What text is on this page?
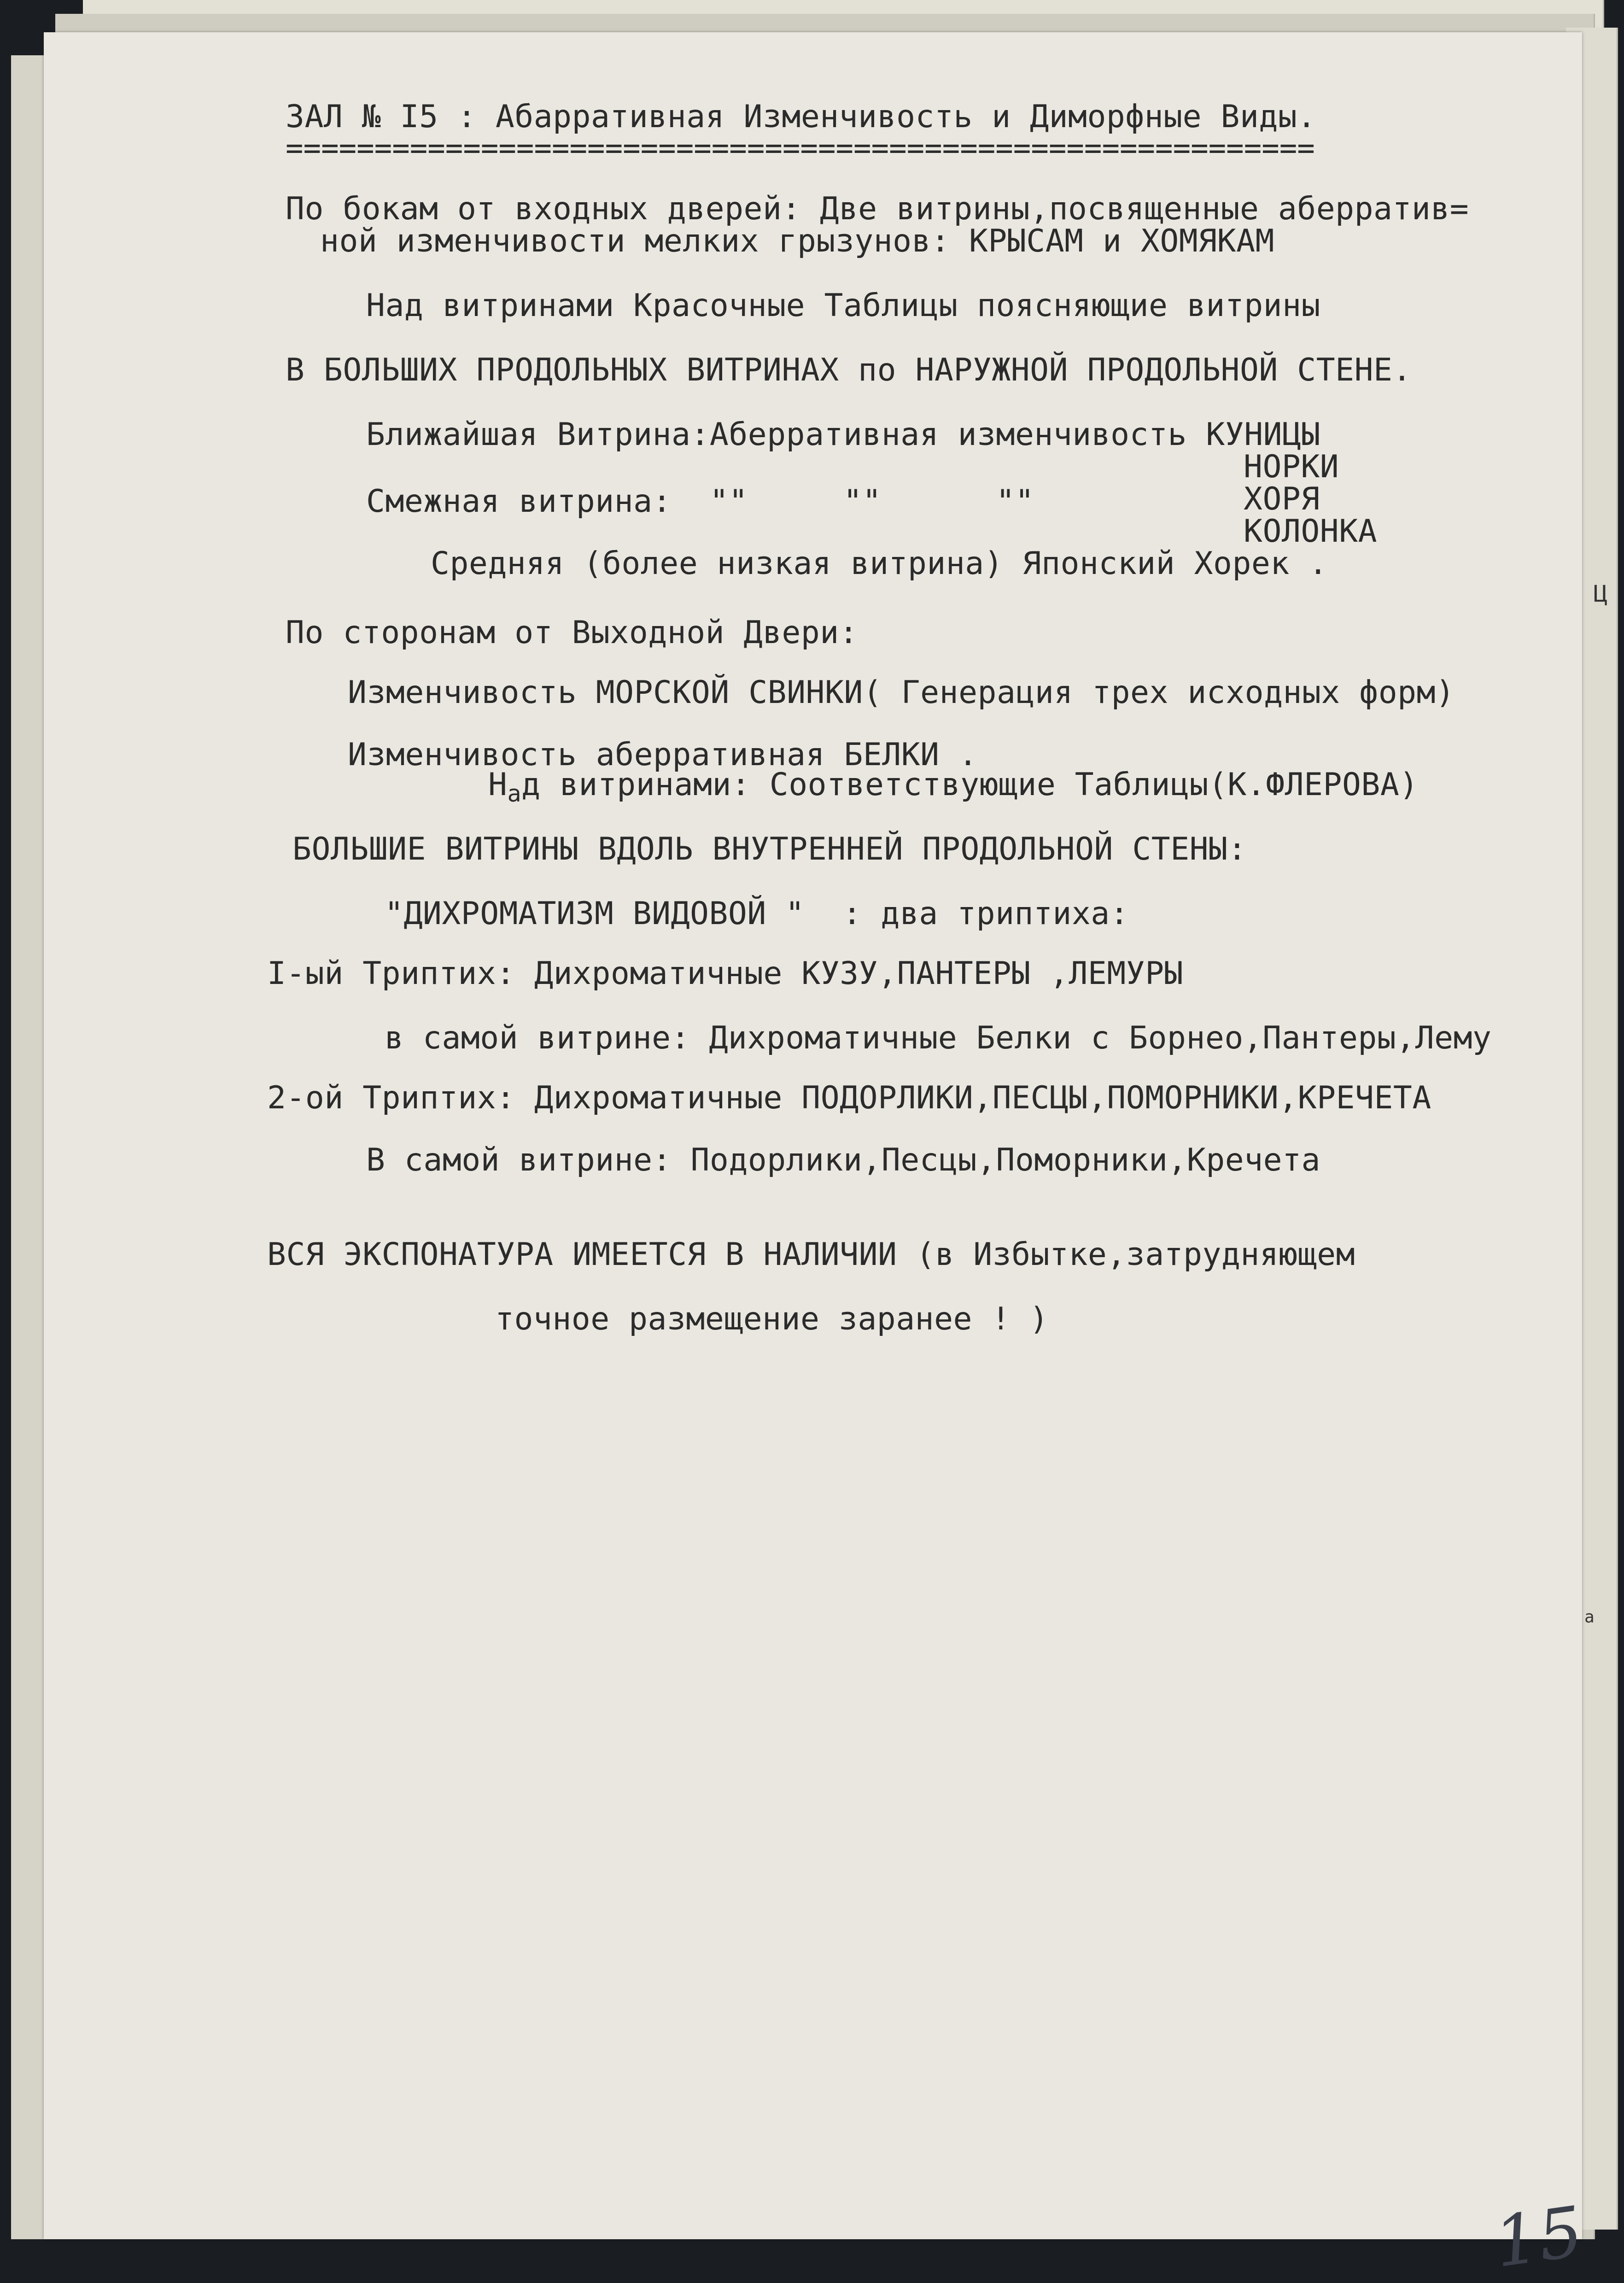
Ц
а
ЗАЛ № I5 : Абарративная Изменчивость и Диморфные Виды.
==========================================================
По бокам от входных дверей: Две витрины,посвященные аберратив=
ной изменчивости мелких грызунов: КРЫСАМ и ХОМЯКАМ
Над витринами Красочные Таблицы поясняющие витрины
В БОЛЬШИХ ПРОДОЛЬНЫХ ВИТРИНАХ по НАРУЖНОЙ ПРОДОЛЬНОЙ СТЕНЕ.
Ближайшая Витрина:Аберративная изменчивость КУНИЦЫ
НОРКИ
Смежная витрина:  ""     ""      ""	ХОРЯ
КОЛОНКА
Средняя (более низкая витрина) Японский Хорек .
По сторонам от Выходной Двери:
Изменчивость МОРСКОЙ СВИНКИ( Генерация трех исходных форм)
Изменчивость аберративная БЕЛКИ .
$Н_ад$ витринами: Соответствующие Таблицы(К.ФЛЕРОВА)
БОЛЬШИЕ ВИТРИНЫ ВДОЛЬ ВНУТРЕННЕЙ ПРОДОЛЬНОЙ СТЕНЫ:
"ДИХРОМАТИЗМ ВИДОВОЙ "  : два триптиха:
I-ый Триптих: Дихроматичные КУЗУ,ПАНТЕРЫ ,ЛЕМУРЫ
в самой витрине: Дихроматичные Белки с Борнео,Пантеры,Лему
2-ой Триптих: Дихроматичные ПОДОРЛИКИ,ПЕСЦЫ,ПОМОРНИКИ,КРЕЧЕТА
В самой витрине: Подорлики,Песцы,Поморники,Кречета
ВСЯ ЭКСПОНАТУРА ИМЕЕТСЯ В НАЛИЧИИ (в Избытке,затрудняющем
точное размещение заранее ! )
15
